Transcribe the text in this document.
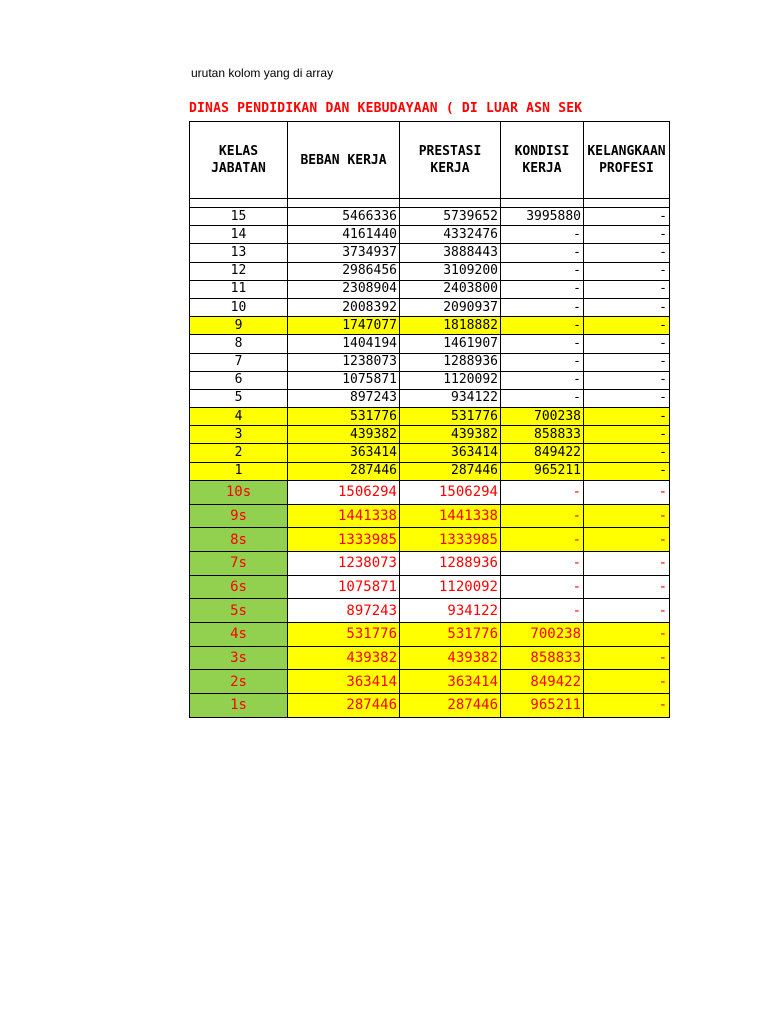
urutan kolom yang di array
DINAS PENDIDIKAN DAN KEBUDAYAAN ( DI LUAR ASN SEK
KELAS JABATAN	BEBAN KERJA	PRESTASI KERJA	KONDISI KERJA	KELANGKAAN PROFESI

15	5466336	5739652	3995880	-
14	4161440	4332476	-	-
13	3734937	3888443	-	-
12	2986456	3109200	-	-
11	2308904	2403800	-	-
10	2008392	2090937	-	-
9	1747077	1818882	-	-
8	1404194	1461907	-	-
7	1238073	1288936	-	-
6	1075871	1120092	-	-
5	897243	934122	-	-
4	531776	531776	700238	-
3	439382	439382	858833	-
2	363414	363414	849422	-
1	287446	287446	965211	-
10s	1506294	1506294	-	-
9s	1441338	1441338	-	-
8s	1333985	1333985	-	-
7s	1238073	1288936	-	-
6s	1075871	1120092	-	-
5s	897243	934122	-	-
4s	531776	531776	700238	-
3s	439382	439382	858833	-
2s	363414	363414	849422	-
1s	287446	287446	965211	-
